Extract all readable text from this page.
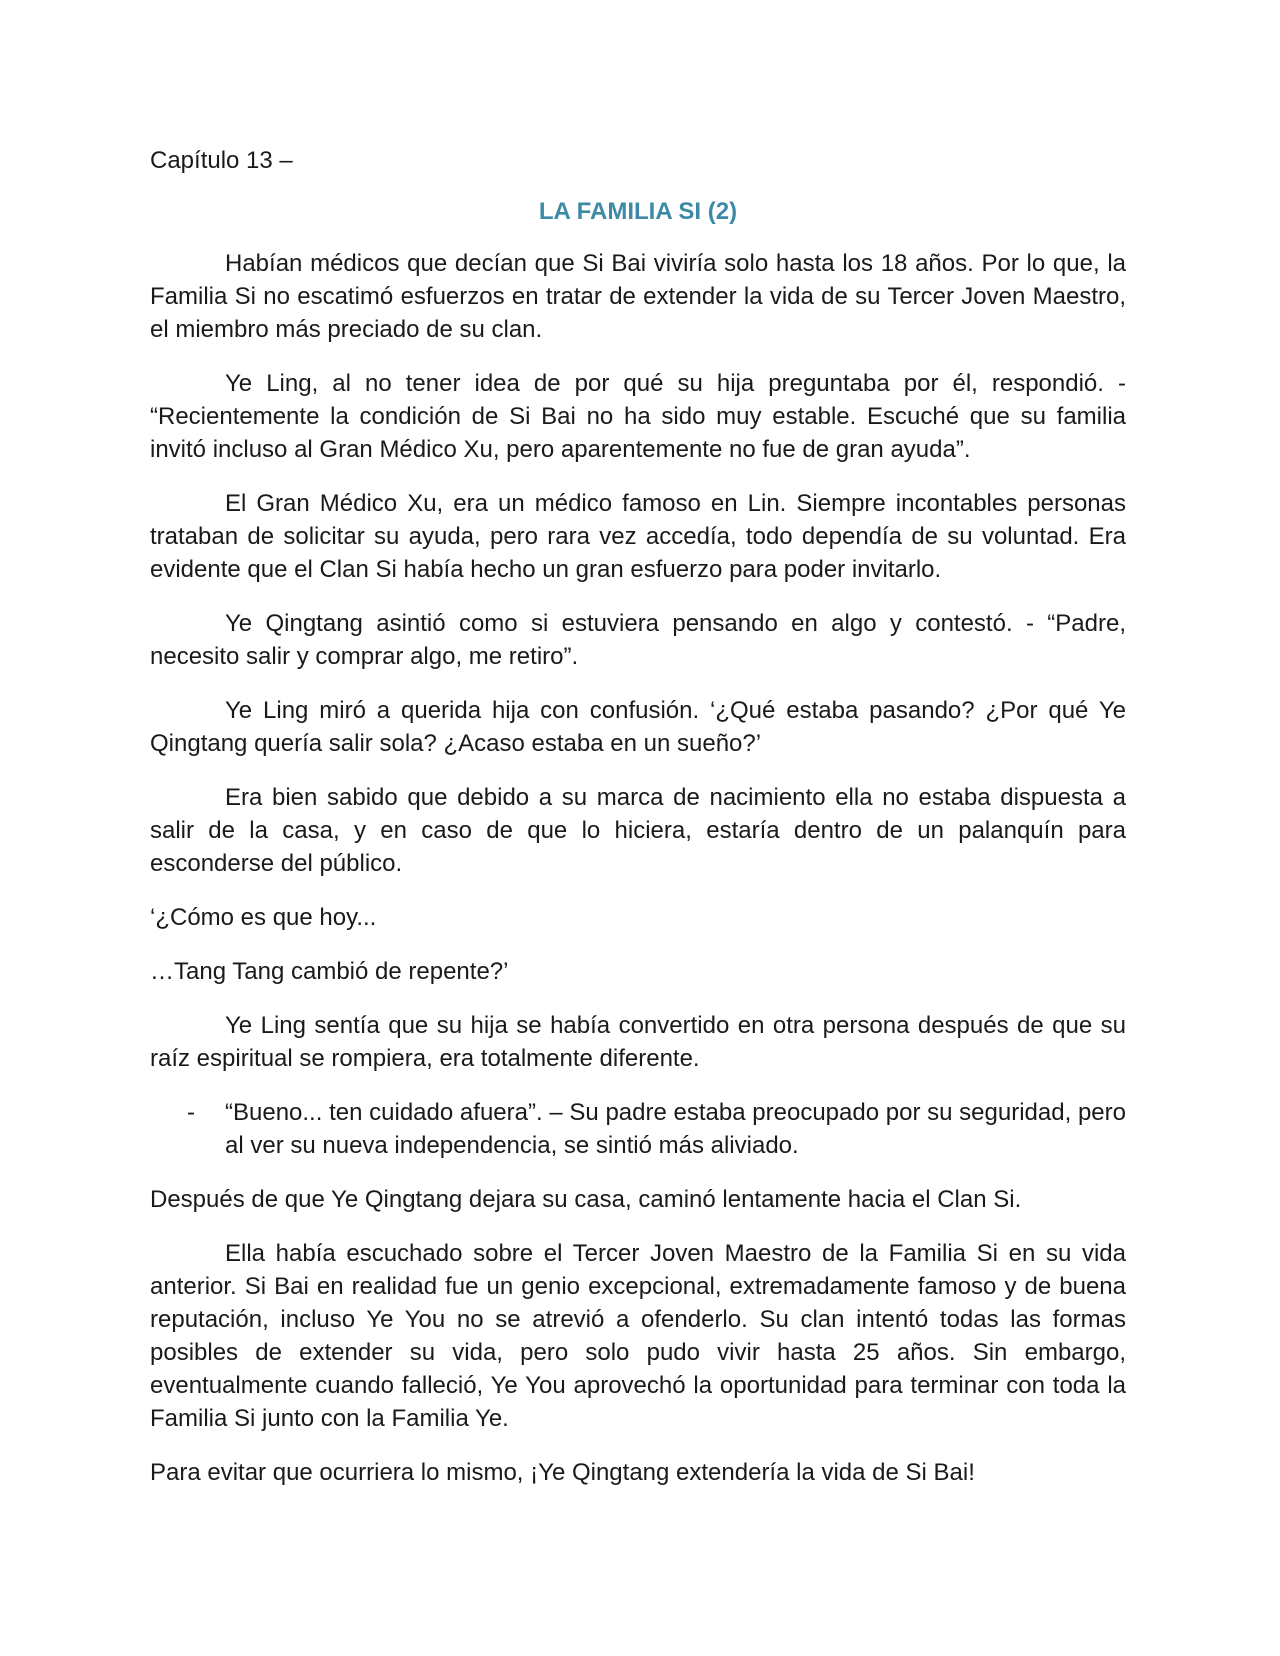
Capítulo 13 –
LA FAMILIA SI (2)

Habían médicos que decían que Si Bai viviría solo hasta los 18 años. Por lo que, la Familia Si no escatimó esfuerzos en tratar de extender la vida de su Tercer Joven Maestro, el miembro más preciado de su clan.

Ye Ling, al no tener idea de por qué su hija preguntaba por él, respondió. - “Recientemente la condición de Si Bai no ha sido muy estable. Escuché que su familia invitó incluso al Gran Médico Xu, pero aparentemente no fue de gran ayuda”.

El Gran Médico Xu, era un médico famoso en Lin. Siempre incontables personas trataban de solicitar su ayuda, pero rara vez accedía, todo dependía de su voluntad. Era evidente que el Clan Si había hecho un gran esfuerzo para poder invitarlo.

Ye Qingtang asintió como si estuviera pensando en algo y contestó. - “Padre, necesito salir y comprar algo, me retiro”.

Ye Ling miró a querida hija con confusión. ‘¿Qué estaba pasando? ¿Por qué Ye Qingtang quería salir sola? ¿Acaso estaba en un sueño?’

Era bien sabido que debido a su marca de nacimiento ella no estaba dispuesta a salir de la casa, y en caso de que lo hiciera, estaría dentro de un palanquín para esconderse del público.

‘¿Cómo es que hoy...

…Tang Tang cambió de repente?’

Ye Ling sentía que su hija se había convertido en otra persona después de que su raíz espiritual se rompiera, era totalmente diferente.

- “Bueno... ten cuidado afuera”. – Su padre estaba preocupado por su seguridad, pero al ver su nueva independencia, se sintió más aliviado.

Después de que Ye Qingtang dejara su casa, caminó lentamente hacia el Clan Si.

Ella había escuchado sobre el Tercer Joven Maestro de la Familia Si en su vida anterior. Si Bai en realidad fue un genio excepcional, extremadamente famoso y de buena reputación, incluso Ye You no se atrevió a ofenderlo. Su clan intentó todas las formas posibles de extender su vida, pero solo pudo vivir hasta 25 años. Sin embargo, eventualmente cuando falleció, Ye You aprovechó la oportunidad para terminar con toda la Familia Si junto con la Familia Ye.

Para evitar que ocurriera lo mismo, ¡Ye Qingtang extendería la vida de Si Bai!
